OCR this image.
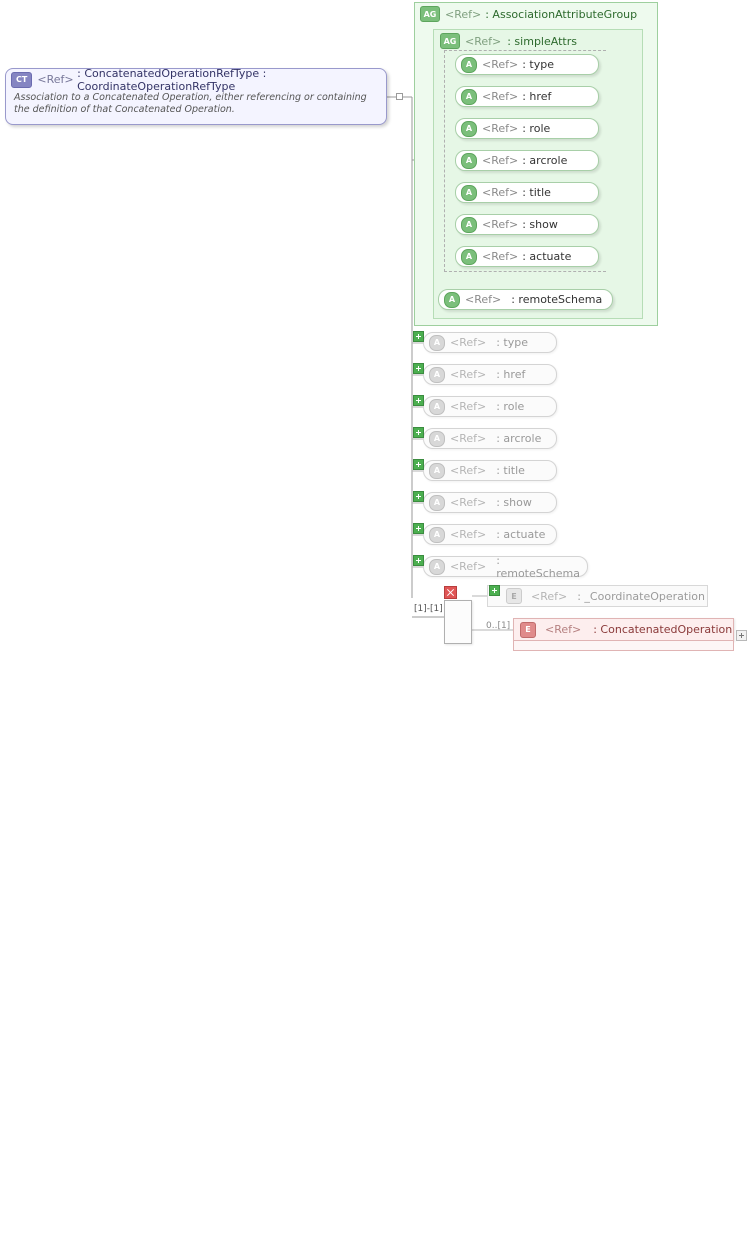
CT <Ref> : ConcatenatedOperationRefType : CoordinateOperationRefType
Association to a Concatenated Operation, either referencing or containing the definition of that Concatenated Operation.
AG <Ref> : AssociationAttributeGroup
AG <Ref> : simpleAttrs
A <Ref> : type
A <Ref> : href
A <Ref> : role
A <Ref> : arcrole
A <Ref> : title
A <Ref> : show
A <Ref> : actuate
A <Ref> : remoteSchema
A <Ref> : type
A <Ref> : href
A <Ref> : role
A <Ref> : arcrole
A <Ref> : title
A <Ref> : show
A <Ref> : actuate
A <Ref> : remoteSchema
[1]-[1]
E	<Ref> : _CoordinateOperation
0..[1]	E	<Ref> : ConcatenatedOperation
